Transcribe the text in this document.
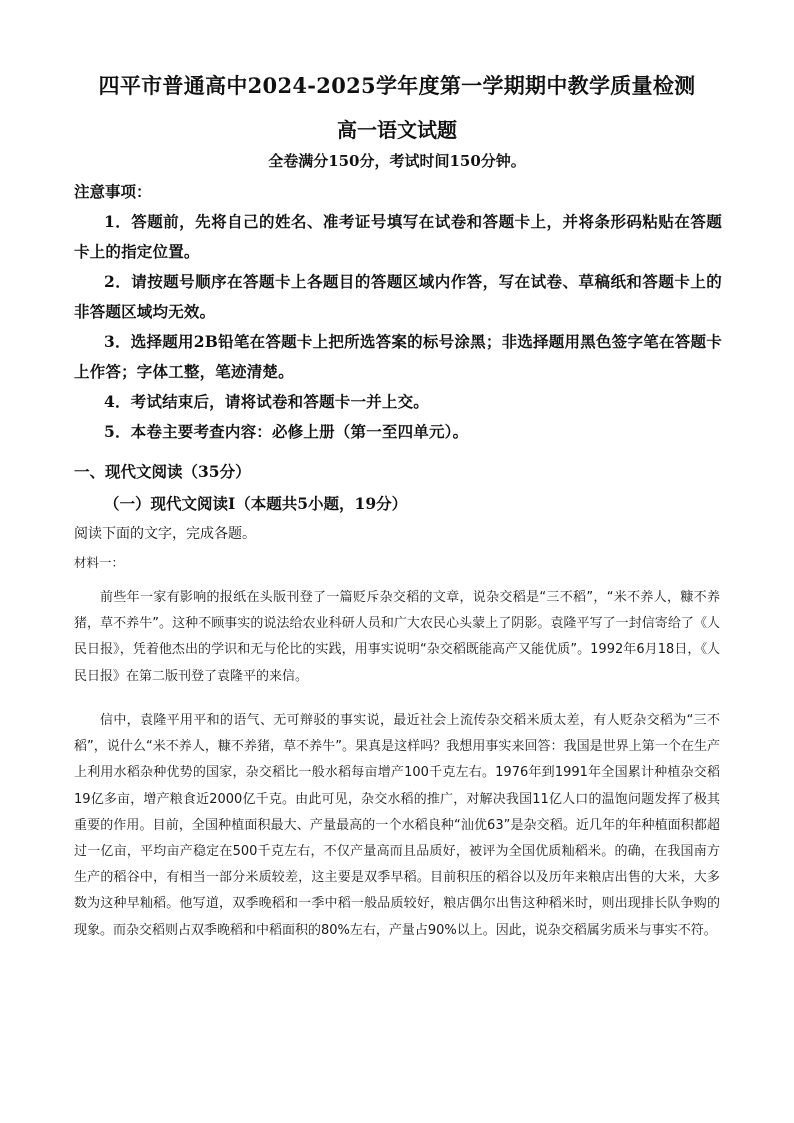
四平市普通高中2024-2025学年度第一学期期中教学质量检测
高一语文试题
全卷满分150分，考试时间150分钟。
注意事项：
1．答题前，先将自己的姓名、准考证号填写在试卷和答题卡上，并将条形码粘贴在答题卡上的指定位置。
2．请按题号顺序在答题卡上各题目的答题区域内作答，写在试卷、草稿纸和答题卡上的非答题区域均无效。
3．选择题用2B铅笔在答题卡上把所选答案的标号涂黑；非选择题用黑色签字笔在答题卡上作答；字体工整，笔迹清楚。
4．考试结束后，请将试卷和答题卡一并上交。
5．本卷主要考查内容：必修上册（第一至四单元）。
一、现代文阅读（35分）
（一）现代文阅读Ⅰ（本题共5小题，19分）
阅读下面的文字，完成各题。
材料一：

前些年一家有影响的报纸在头版刊登了一篇贬斥杂交稻的文章，说杂交稻是“三不稻”，“米不养人，糠不养猪，草不养牛”。这种不顾事实的说法给农业科研人员和广大农民心头蒙上了阴影。袁隆平写了一封信寄给了《人民日报》，凭着他杰出的学识和无与伦比的实践，用事实说明“杂交稻既能高产又能优质”。1992年6月18日，《人民日报》在第二版刊登了袁隆平的来信。

信中，袁隆平用平和的语气、无可辩驳的事实说，最近社会上流传杂交稻米质太差，有人贬杂交稻为“三不稻”，说什么“米不养人，糠不养猪，草不养牛”。果真是这样吗？我想用事实来回答：我国是世界上第一个在生产上利用水稻杂种优势的国家，杂交稻比一般水稻每亩增产100千克左右。1976年到1991年全国累计种植杂交稻19亿多亩，增产粮食近2000亿千克。由此可见，杂交水稻的推广，对解决我国11亿人口的温饱问题发挥了极其重要的作用。目前，全国种植面积最大、产量最高的一个水稻良种“汕优63”是杂交稻。近几年的年种植面积都超过一亿亩，平均亩产稳定在500千克左右，不仅产量高而且品质好，被评为全国优质籼稻米。的确，在我国南方生产的稻谷中，有相当一部分米质较差，这主要是双季早稻。目前积压的稻谷以及历年来粮店出售的大米，大多数为这种早籼稻。他写道，双季晚稻和一季中稻一般品质较好，粮店偶尔出售这种稻米时，则出现排长队争购的现象。而杂交稻则占双季晚稻和中稻面积的80%左右，产量占90%以上。因此，说杂交稻属劣质米与事实不符。
